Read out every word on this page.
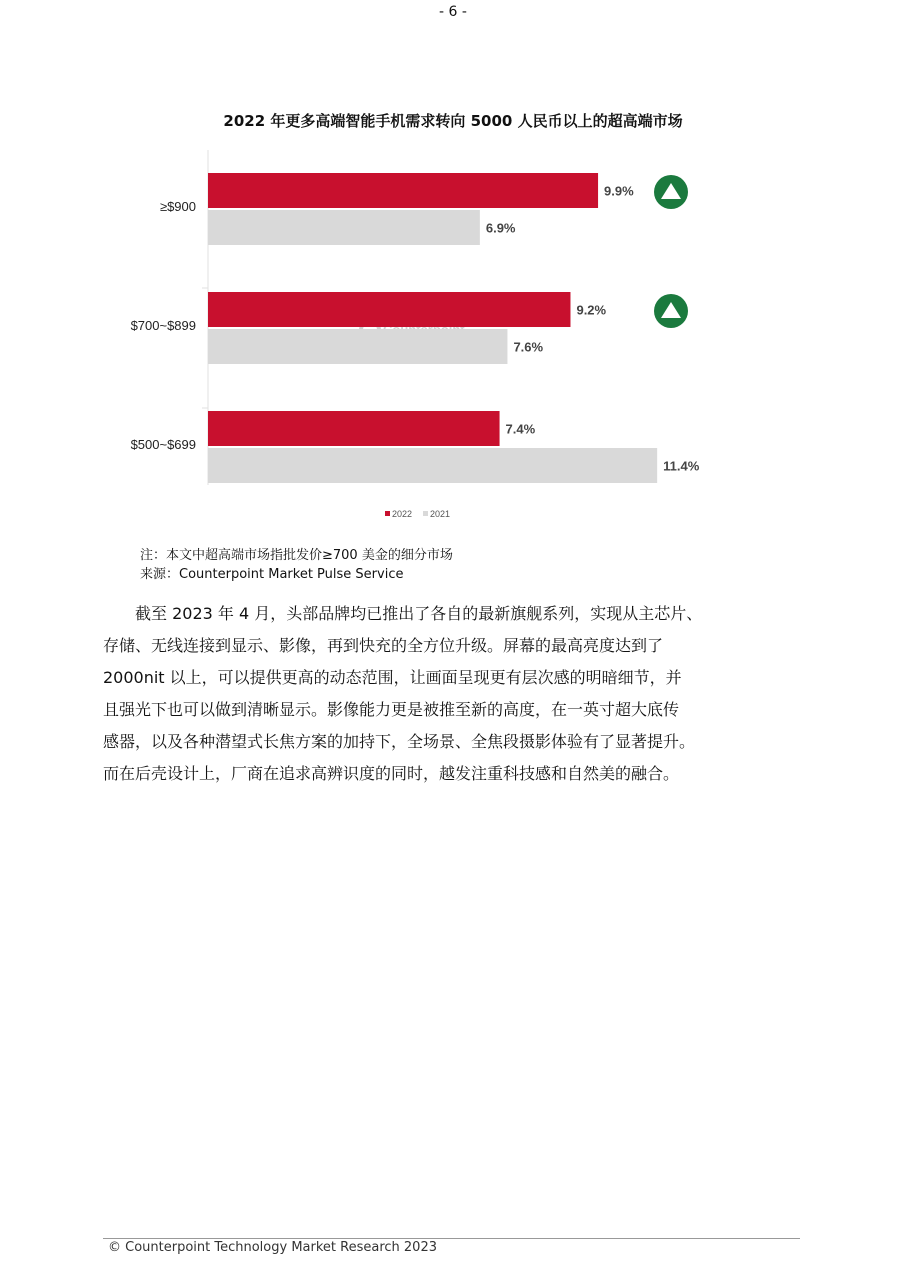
- 6 -
2022 年更多高端智能手机需求转向 5000 人民币以上的超高端市场
≥$900
9.9%
6.9%
$700~$899
9.2%
7.6%
$500~$699
7.4%
11.4%
2022 2021
注：本文中超高端市场指批发价≥700 美金的细分市场
来源：Counterpoint Market Pulse Service
截至 2023 年 4 月，头部品牌均已推出了各自的最新旗舰系列，实现从主芯片、
存储、无线连接到显示、影像，再到快充的全方位升级。屏幕的最高亮度达到了
2000nit 以上，可以提供更高的动态范围，让画面呈现更有层次感的明暗细节，并
且强光下也可以做到清晰显示。影像能力更是被推至新的高度，在一英寸超大底传
感器，以及各种潜望式长焦方案的加持下，全场景、全焦段摄影体验有了显著提升。
而在后壳设计上，厂商在追求高辨识度的同时，越发注重科技感和自然美的融合。
© Counterpoint Technology Market Research 2023
